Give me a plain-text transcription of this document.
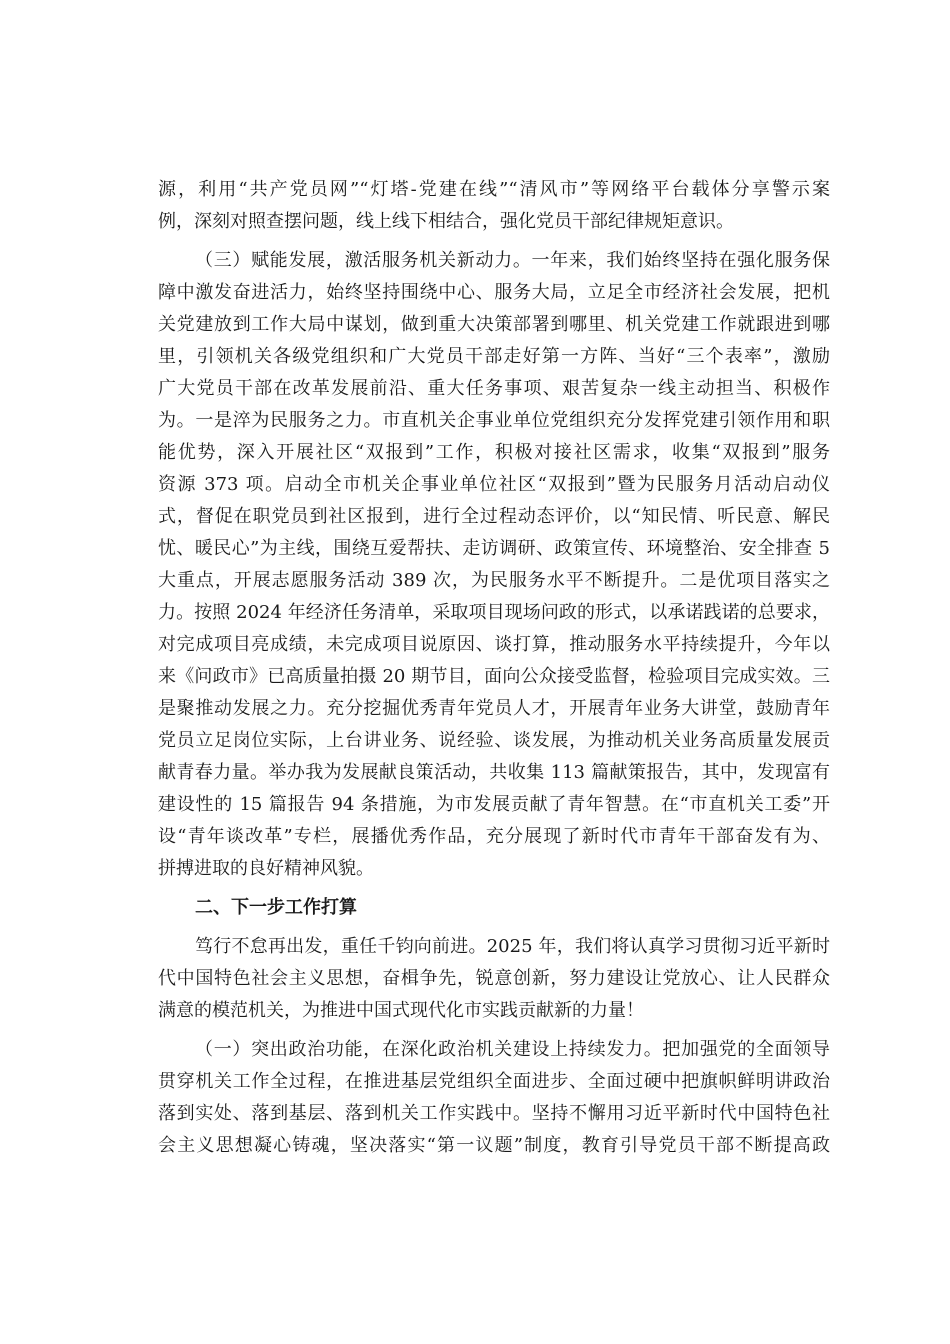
源，利用“共产党员网”“灯塔-党建在线”“清风市”等网络平台载体分享警示案
例，深刻对照查摆问题，线上线下相结合，强化党员干部纪律规矩意识。
（三）赋能发展，激活服务机关新动力。一年来，我们始终坚持在强化服务保
障中激发奋进活力，始终坚持围绕中心、服务大局，立足全市经济社会发展，把机
关党建放到工作大局中谋划，做到重大决策部署到哪里、机关党建工作就跟进到哪
里，引领机关各级党组织和广大党员干部走好第一方阵、当好“三个表率”，激励
广大党员干部在改革发展前沿、重大任务事项、艰苦复杂一线主动担当、积极作
为。一是淬为民服务之力。市直机关企事业单位党组织充分发挥党建引领作用和职
能优势，深入开展社区“双报到”工作，积极对接社区需求，收集“双报到”服务
资源 373 项。启动全市机关企事业单位社区“双报到”暨为民服务月活动启动仪
式，督促在职党员到社区报到，进行全过程动态评价，以“知民情、听民意、解民
忧、暖民心”为主线，围绕互爱帮扶、走访调研、政策宣传、环境整治、安全排查 5
大重点，开展志愿服务活动 389 次，为民服务水平不断提升。二是优项目落实之
力。按照 2024 年经济任务清单，采取项目现场问政的形式，以承诺践诺的总要求，
对完成项目亮成绩，未完成项目说原因、谈打算，推动服务水平持续提升，今年以
来《问政市》已高质量拍摄 20 期节目，面向公众接受监督，检验项目完成实效。三
是聚推动发展之力。充分挖掘优秀青年党员人才，开展青年业务大讲堂，鼓励青年
党员立足岗位实际，上台讲业务、说经验、谈发展，为推动机关业务高质量发展贡
献青春力量。举办我为发展献良策活动，共收集 113 篇献策报告，其中，发现富有
建设性的 15 篇报告 94 条措施，为市发展贡献了青年智慧。在“市直机关工委”开
设“青年谈改革”专栏，展播优秀作品，充分展现了新时代市青年干部奋发有为、
拼搏进取的良好精神风貌。
二、下一步工作打算
笃行不怠再出发，重任千钧向前进。2025 年，我们将认真学习贯彻习近平新时
代中国特色社会主义思想，奋楫争先，锐意创新，努力建设让党放心、让人民群众
满意的模范机关，为推进中国式现代化市实践贡献新的力量！
（一）突出政治功能，在深化政治机关建设上持续发力。把加强党的全面领导
贯穿机关工作全过程，在推进基层党组织全面进步、全面过硬中把旗帜鲜明讲政治
落到实处、落到基层、落到机关工作实践中。坚持不懈用习近平新时代中国特色社
会主义思想凝心铸魂，坚决落实“第一议题”制度，教育引导党员干部不断提高政
